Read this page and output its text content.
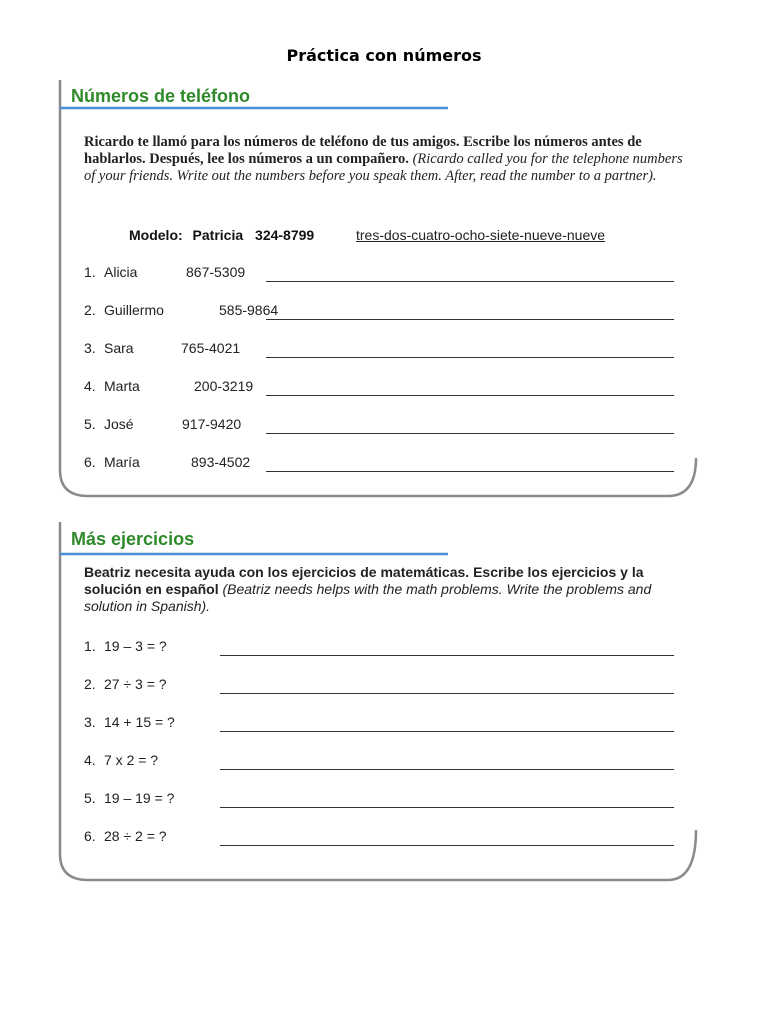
Práctica con números
Números de teléfono
Ricardo te llamó para los números de teléfono de tus amigos. Escribe los números antes de hablarlos. Después, lee los números a un compañero. (Ricardo called you for the telephone numbers of your friends. Write out the numbers before you speak them. After, read the number to a partner).
Modelo: Patricia 324-8799	tres-dos-cuatro-ocho-siete-nueve-nueve
1. Alicia	867-5309
2. Guillermo	585-9864
3. Sara	765-4021
4. Marta	200-3219
5. José	917-9420
6. María	893-4502
Más ejercicios
Beatriz necesita ayuda con los ejercicios de matemáticas. Escribe los ejercicios y la solución en español (Beatriz needs helps with the math problems. Write the problems and solution in Spanish).
1. 19 – 3 = ?
2. 27 ÷ 3 = ?
3. 14 + 15 = ?
4. 7 x 2 = ?
5. 19 – 19 = ?
6. 28 ÷ 2 = ?
